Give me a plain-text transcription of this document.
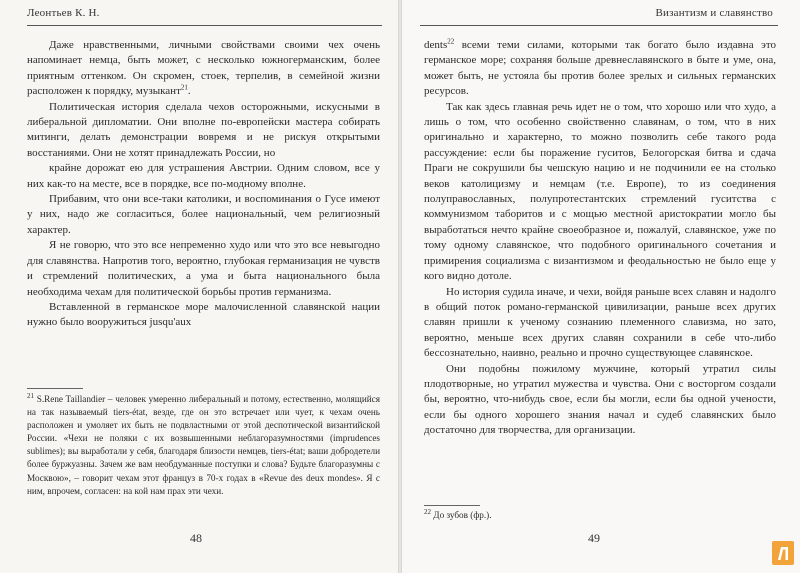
Леонтьев К. Н.

Даже нравственными, личными свойствами своими чех очень напоминает немца, быть может, с несколько южногерманским, более приятным оттенком. Он скромен, стоек, терпелив, в семейной жизни расположен к порядку, музыкант$^{21}$.

Политическая история сделала чехов осторожными, искусными в либеральной дипломатии. Они вполне по-европейски мастера собирать митинги, делать демонстрации вовремя и не рискуя открытыми восстаниями. Они не хотят принадлежать России, но

крайне дорожат ею для устрашения Австрии. Одним словом, все у них как-то на месте, все в порядке, все по-модному вполне.

Прибавим, что они все-таки католики, и воспоминания о Гусе имеют у них, надо же согласиться, более национальный, чем религиозный характер.

Я не говорю, что это все непременно худо или что это все невыгодно для славянства. Напротив того, вероятно, глубокая германизация не чувств и стремлений политических, а ума и быта национального была необходима чехам для политической борьбы против германизма.

Вставленной в германское море малочисленной славянской нации нужно было вооружиться jusqu'aux

$^{21}$ S.Rene Taillandier – человек умеренно либеральный и потому, естественно, молящийся на так называемый tiers-état, везде, где он это встречает или чует, к чехам очень расположен и умоляет их быть не подвластными от этой деспотической византийской России. «Чехи не поляки с их возвышенными неблагоразумностями (imprudences sublimes); вы выработали у себя, благодаря близости немцев, tiers-état; ваши добродетели более буржуазны. Зачем же вам необдуманные поступки и слова? Будьте благоразумны с Москвою», – говорит чехам этот француз в 70-х годах в «Revue des deux mondes». Я с ним, впрочем, согласен: на кой нам прах эти чехи.
48
Византизм и славянство

dents$^{22}$ всеми теми силами, которыми так богато было издавна это германское море; сохраняя больше древнеславянского в быте и уме, она, может быть, не устояла бы против более зрелых и сильных германских ресурсов.

Так как здесь главная речь идет не о том, что хорошо или что худо, а лишь о том, что особенно свойственно славянам, о том, что в них оригинально и характерно, то можно позволить себе такого рода рассуждение: если бы поражение гуситов, Белогорская битва и сдача Праги не сокрушили бы чешскую нацию и не подчинили ее на столько веков католицизму и немцам (т.е. Европе), то из соединения полуправославных, полупротестантских стремлений гуситства с коммунизмом таборитов и с мощью местной аристократии могло бы выработаться нечто крайне своеобразное и, пожалуй, славянское, уже по тому одному славянское, что подобного оригинального сочетания и примирения социализма с византизмом и феодальностью не было еще у кого видно дотоле.

Но история судила иначе, и чехи, войдя раньше всех славян и надолго в общий поток романо-германской цивилизации, раньше всех других славян пришли к ученому сознанию племенного славизма, но зато, вероятно, меньше всех других славян сохранили в себе что-либо бессознательно, наивно, реально и прочно существующее славянское.

Они подобны пожилому мужчине, который утратил силы плодотворные, но утратил мужества и чувства. Они с восторгом создали бы, вероятно, что-нибудь свое, если бы могли, если бы одной учености, если бы одного хорошего знания начал и судеб славянских было достаточно для творчества, для организации.

$^{22}$ До зубов (фр.).
49
